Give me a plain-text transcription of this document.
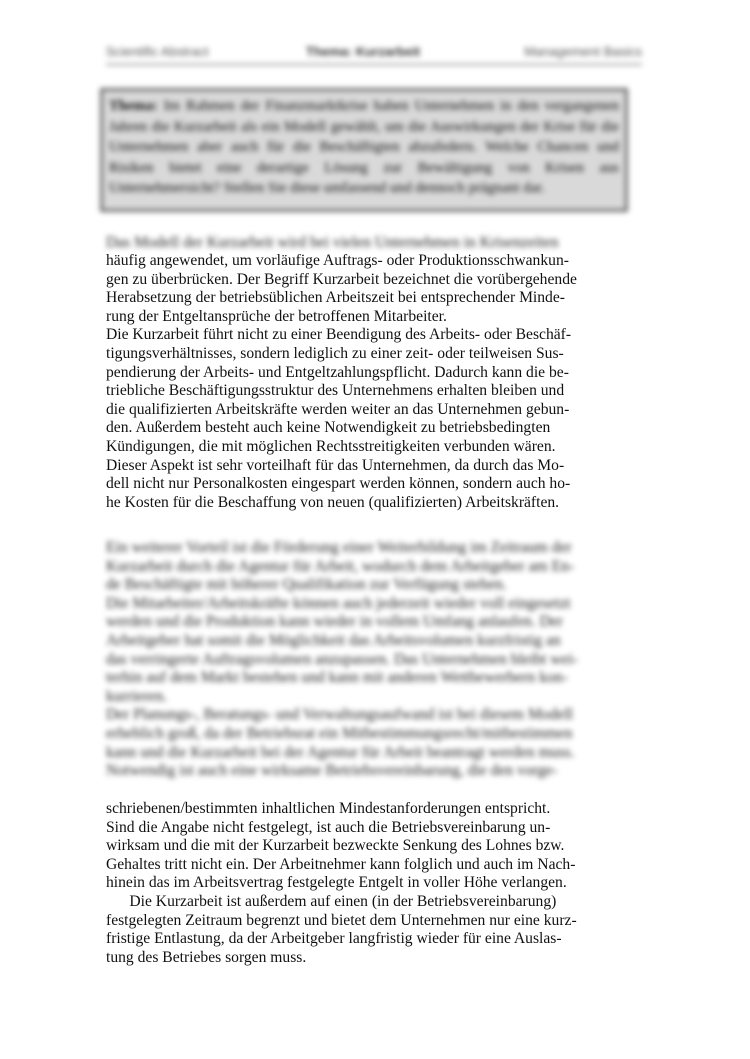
Scientific Abstract	Thema: Kurzarbeit	Management Basics
Thema: Im Rahmen der Finanzmarktkrise haben Unternehmen in den vergangenen Jahren die Kurzarbeit als ein Modell gewählt, um die Auswirkungen der Krise für die Unternehmen aber auch für die Beschäftigten abzufedern. Welche Chancen und Risiken bietet eine derartige Lösung zur Bewältigung von Krisen aus Unternehmersicht? Stellen Sie diese umfassend und dennoch prägnant dar.
Das Modell der Kurzarbeit wird bei vielen Unternehmen in Krisenzeiten
häufig angewendet, um vorläufige Auftrags- oder Produktionsschwankun-
gen zu überbrücken. Der Begriff Kurzarbeit bezeichnet die vorübergehende
Herabsetzung der betriebsüblichen Arbeitszeit bei entsprechender Minde-
rung der Entgeltansprüche der betroffenen Mitarbeiter.
Die Kurzarbeit führt nicht zu einer Beendigung des Arbeits- oder Beschäf-
tigungsverhältnisses, sondern lediglich zu einer zeit- oder teilweisen Sus-
pendierung der Arbeits- und Entgeltzahlungspflicht. Dadurch kann die be-
triebliche Beschäftigungsstruktur des Unternehmens erhalten bleiben und
die qualifizierten Arbeitskräfte werden weiter an das Unternehmen gebun-
den. Außerdem besteht auch keine Notwendigkeit zu betriebsbedingten
Kündigungen, die mit möglichen Rechtsstreitigkeiten verbunden wären.
Dieser Aspekt ist sehr vorteilhaft für das Unternehmen, da durch das Mo-
dell nicht nur Personalkosten eingespart werden können, sondern auch ho-
he Kosten für die Beschaffung von neuen (qualifizierten) Arbeitskräften.
Ein weiterer Vorteil ist die Förderung einer Weiterbildung im Zeitraum der
Kurzarbeit durch die Agentur für Arbeit, wodurch dem Arbeitgeber am En-
de Beschäftigte mit höherer Qualifikation zur Verfügung stehen.
Die Mitarbeiter/Arbeitskräfte können auch jederzeit wieder voll eingesetzt
werden und die Produktion kann wieder in vollem Umfang anlaufen. Der
Arbeitgeber hat somit die Möglichkeit das Arbeitsvolumen kurzfristig an
das verringerte Auftragsvolumen anzupassen. Das Unternehmen bleibt wei-
terhin auf dem Markt bestehen und kann mit anderen Wettbewerbern kon-
kurrieren.
Der Planungs-, Beratungs- und Verwaltungsaufwand ist bei diesem Modell
erheblich groß, da der Betriebsrat ein Mitbestimmungsrecht/mitbestimmen
kann und die Kurzarbeit bei der Agentur für Arbeit beantragt werden muss.
Notwendig ist auch eine wirksame Betriebsvereinbarung, die den vorge-
schriebenen/bestimmten inhaltlichen Mindestanforderungen entspricht.
Sind die Angabe nicht festgelegt, ist auch die Betriebsvereinbarung un-
wirksam und die mit der Kurzarbeit bezweckte Senkung des Lohnes bzw.
Gehaltes tritt nicht ein. Der Arbeitnehmer kann folglich und auch im Nach-
hinein das im Arbeitsvertrag festgelegte Entgelt in voller Höhe verlangen.
Die Kurzarbeit ist außerdem auf einen (in der Betriebsvereinbarung)
festgelegten Zeitraum begrenzt und bietet dem Unternehmen nur eine kurz-
fristige Entlastung, da der Arbeitgeber langfristig wieder für eine Auslas-
tung des Betriebes sorgen muss.
